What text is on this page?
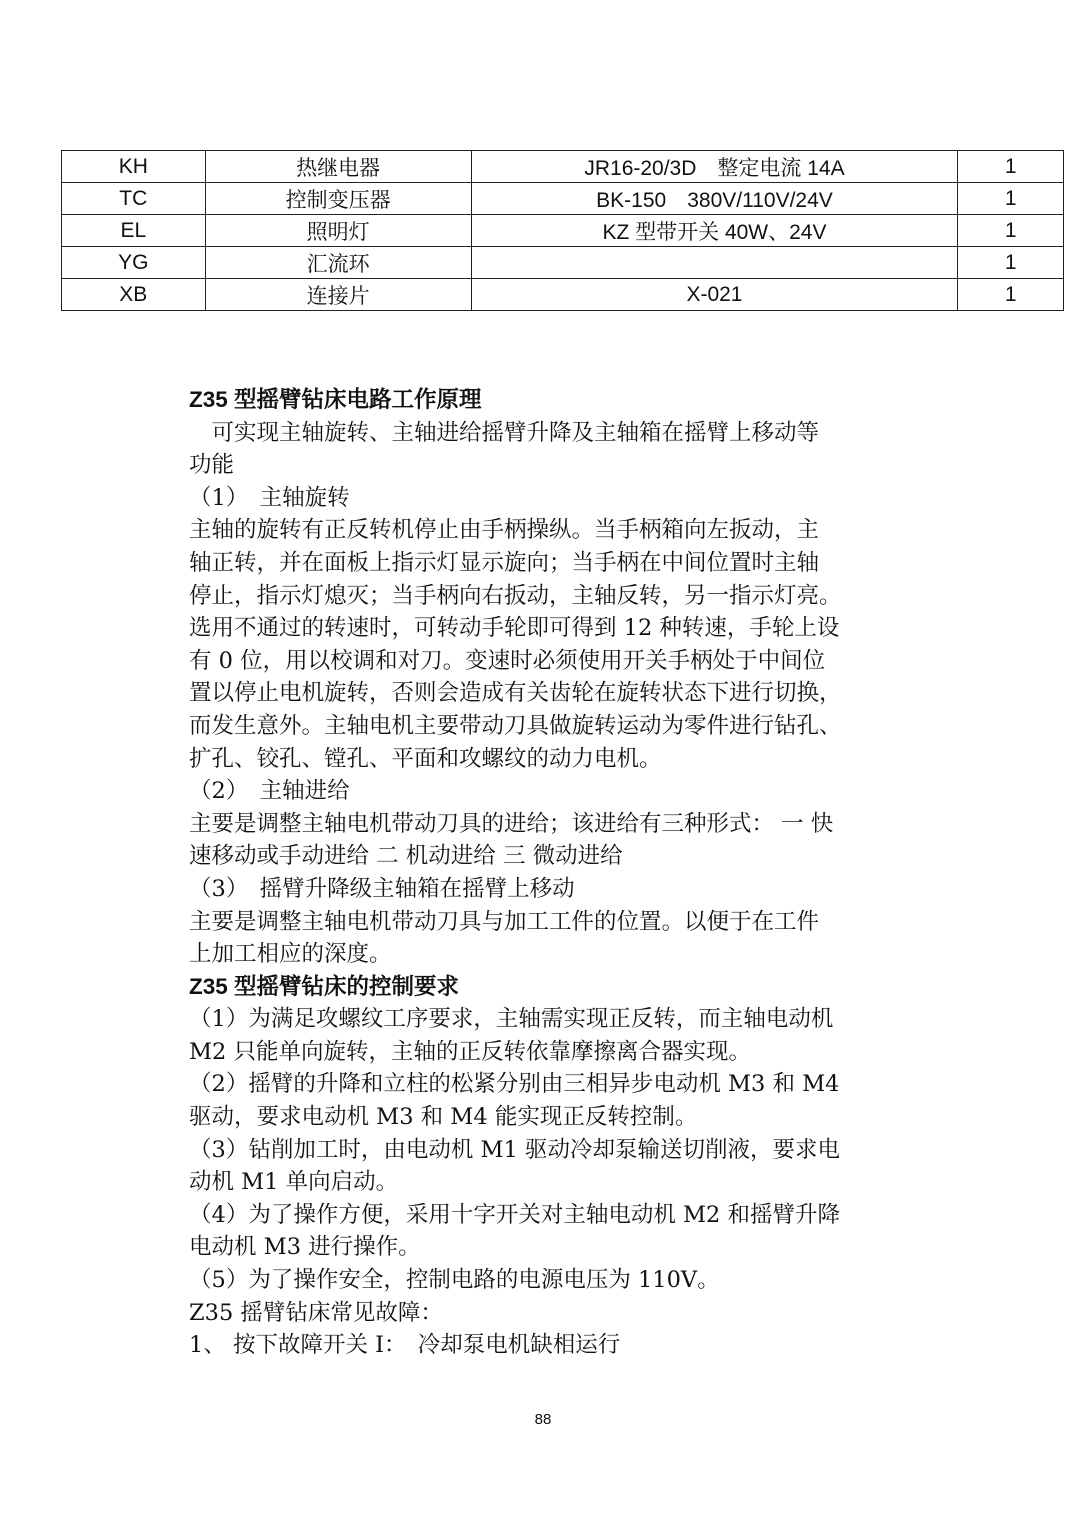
KH	热继电器	JR16-20/3D　整定电流 14A	1
TC	控制变压器	BK-150　380V/110V/24V	1
EL	照明灯	KZ 型带开关 40W、24V	1
YG	汇流环		1
XB	连接片	X-021	1

Z35 型摇臂钻床电路工作原理

　可实现主轴旋转、主轴进给摇臂升降及主轴箱在摇臂上移动等

功能

（1）　主轴旋转

主轴的旋转有正反转机停止由手柄操纵。当手柄箱向左扳动，主

轴正转，并在面板上指示灯显示旋向；当手柄在中间位置时主轴

停止，指示灯熄灭；当手柄向右扳动，主轴反转，另一指示灯亮。

选用不通过的转速时，可转动手轮即可得到 12 种转速，手轮上设

有 0 位，用以校调和对刀。变速时必须使用开关手柄处于中间位

置以停止电机旋转，否则会造成有关齿轮在旋转状态下进行切换，

而发生意外。主轴电机主要带动刀具做旋转运动为零件进行钻孔、

扩孔、铰孔、镗孔、平面和攻螺纹的动力电机。

（2）　主轴进给

主要是调整主轴电机带动刀具的进给；该进给有三种形式： 一 快

速移动或手动进给 二 机动进给 三 微动进给

（3）　摇臂升降级主轴箱在摇臂上移动

主要是调整主轴电机带动刀具与加工工件的位置。以便于在工件

上加工相应的深度。

Z35 型摇臂钻床的控制要求

（1）为满足攻螺纹工序要求，主轴需实现正反转，而主轴电动机

M2 只能单向旋转，主轴的正反转依靠摩擦离合器实现。

（2）摇臂的升降和立柱的松紧分别由三相异步电动机 M3 和 M4

驱动，要求电动机 M3 和 M4 能实现正反转控制。

（3）钻削加工时，由电动机 M1 驱动冷却泵输送切削液，要求电

动机 M1 单向启动。

（4）为了操作方便，采用十字开关对主轴电动机 M2 和摇臂升降

电动机 M3 进行操作。

（5）为了操作安全，控制电路的电源电压为 110V。

Z35 摇臂钻床常见故障：

1、 按下故障开关 I：　冷却泵电机缺相运行

88
